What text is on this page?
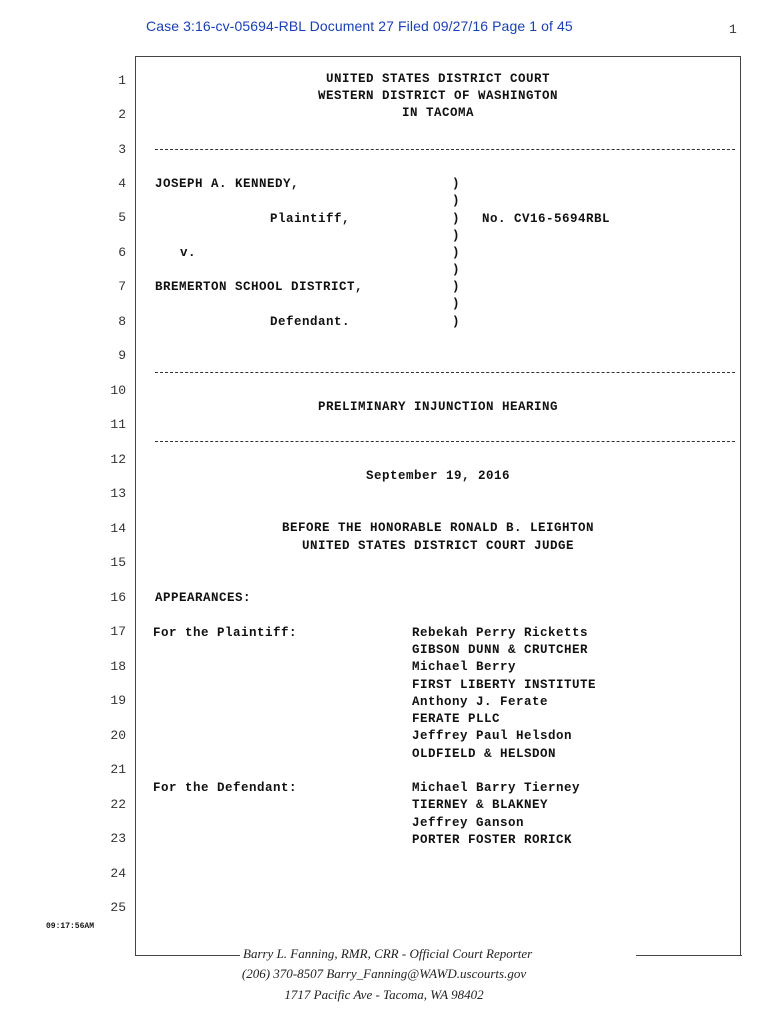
Case 3:16-cv-05694-RBL Document 27 Filed 09/27/16 Page 1 of 45	1
1
2
3
4
5
6
7
8
9
10
11
12
13
14
15
16
17
18
19
20
21
22
23
24
25
UNITED STATES DISTRICT COURT
WESTERN DISTRICT OF WASHINGTON
IN TACOMA
JOSEPH A. KENNEDY,
Plaintiff,
v.
BREMERTON SCHOOL DISTRICT,
Defendant.
No. CV16-5694RBL
)
)
)
)
)
)
)
)
)
PRELIMINARY INJUNCTION HEARING
September 19, 2016
BEFORE THE HONORABLE RONALD B. LEIGHTON
UNITED STATES DISTRICT COURT JUDGE
APPEARANCES:
For the Plaintiff:	Rebekah Perry Ricketts
GIBSON DUNN & CRUTCHER
Michael Berry
FIRST LIBERTY INSTITUTE
Anthony J. Ferate
FERATE PLLC
Jeffrey Paul Helsdon
OLDFIELD & HELSDON
For the Defendant:	Michael Barry Tierney
TIERNEY & BLAKNEY
Jeffrey Ganson
PORTER FOSTER RORICK
09:17:56AM
Barry L. Fanning, RMR, CRR - Official Court Reporter
(206) 370-8507 Barry_Fanning@WAWD.uscourts.gov
1717 Pacific Ave - Tacoma, WA 98402
